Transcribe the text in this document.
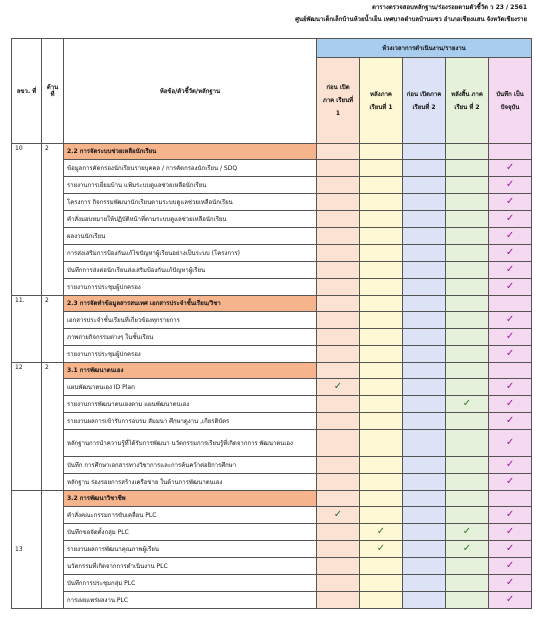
ตารางตรวจสอบหลักฐาน/ร่องรอยตามตัวชี้วัด ว 23 / 2561
ศูนย์พัฒนาเด็กเล็กบ้านห้วยน้ำเย็น เทศบาลตำบลบ้านแซว อำเภอเชียงแสน จังหวัดเชียงราย
ลขว. ที่	ด้าน ที่	ห้อข้อ/ตัวชี้วัด/หลักฐาน	ห้วงเวลาการดำเนินงาน/รายงาน				
			ก่อน เปิด ภาค เรียนที่ 1	หลังภาค เรียนที่ 1	ก่อน เปิดภาค เรียนที่ 2	หลังสิ้น ภาคเรียน ที่ 2	บันทึก เป็น ปัจจุบัน
10	2	2.2 การจัดระบบช่วยเหลือนักเรียน					
		ข้อมูลการคัดกรองนักเรียนรายบุคคล / การคัดกรองนักเรียน / SDQ					✓
		รายงานการเยี่ยมบ้าน แฟ้มระบบดูแลช่วยเหลือนักเรียน					✓
		โครงการ กิจกรรมพัฒนานักเรียนตามระบบดูแลช่วยเหลือนักเรียน					✓
		คำสั่งมอบหมายให้ปฏิบัติหน้าที่ตามระบบดูแลช่วยเหลือนักเรียน					✓
		ผลงานนักเรียน					✓
		การส่งเสริมการป้องกันแก้ไขปัญหาผู้เรียนอย่างเป็นระบบ (โครงการ)					✓
		บันทึกการส่งต่อนักเรียนส่งเสริมป้องกันแก้ปัญหาผู้เรียน					✓
		รายงานการประชุมผู้ปกครอง					✓
11.	2	2.3 การจัดทำข้อมูลสารสนเทศ เอกสารประจำชั้นเรียน/วิชา					
		เอกสารประจำชั้นเรียนที่เกี่ยวข้องทุกรายการ					✓
		ภาพถ่ายกิจกรรมต่างๆ ในชั้นเรียน					✓
		รายงานการประชุมผู้ปกครอง					✓
12	2	3.1 การพัฒนาตนเอง					
		แผนพัฒนาตนเอง ID Plan	✓				✓
		รายงานการพัฒนาตนเองตาม แผนพัฒนาตนเอง				✓	✓
		รายงานผลการเข้ารับการอบรม สัมมนา ศึกษาดูงาน ,เกียรติบัตร					✓
		หลักฐานการนำความรู้ที่ได้รับการพัฒนา นวัตกรรมการเรียนรู้ที่เกิดจากการ พัฒนาตนเอง					✓
		บันทึก การศึกษาเอกสารทางวิชาการและการค้นคว้าต่อยิการศึกษา					✓
		หลักฐาน ร่องรอยการสร้างเครือข่าย ในด้านการพัฒนาตนเอง					✓
13		3.2 การพัฒนาวิชาชีพ					
		คำสั่งคณะกรรมการขับเคลื่อน PLC	✓				✓
		บันทึกขอจัดตั้งกลุ่ม PLC		✓		✓	✓
		รายงานผลการพัฒนาคุณภาพผู้เรียน		✓		✓	✓
		นวัตกรรมที่เกิดจากการดำเนินงาน PLC					✓
		บันทึกการประชุมกลุ่ม PLC					✓
		การเผยแพร่ผลงาน PLC					✓
